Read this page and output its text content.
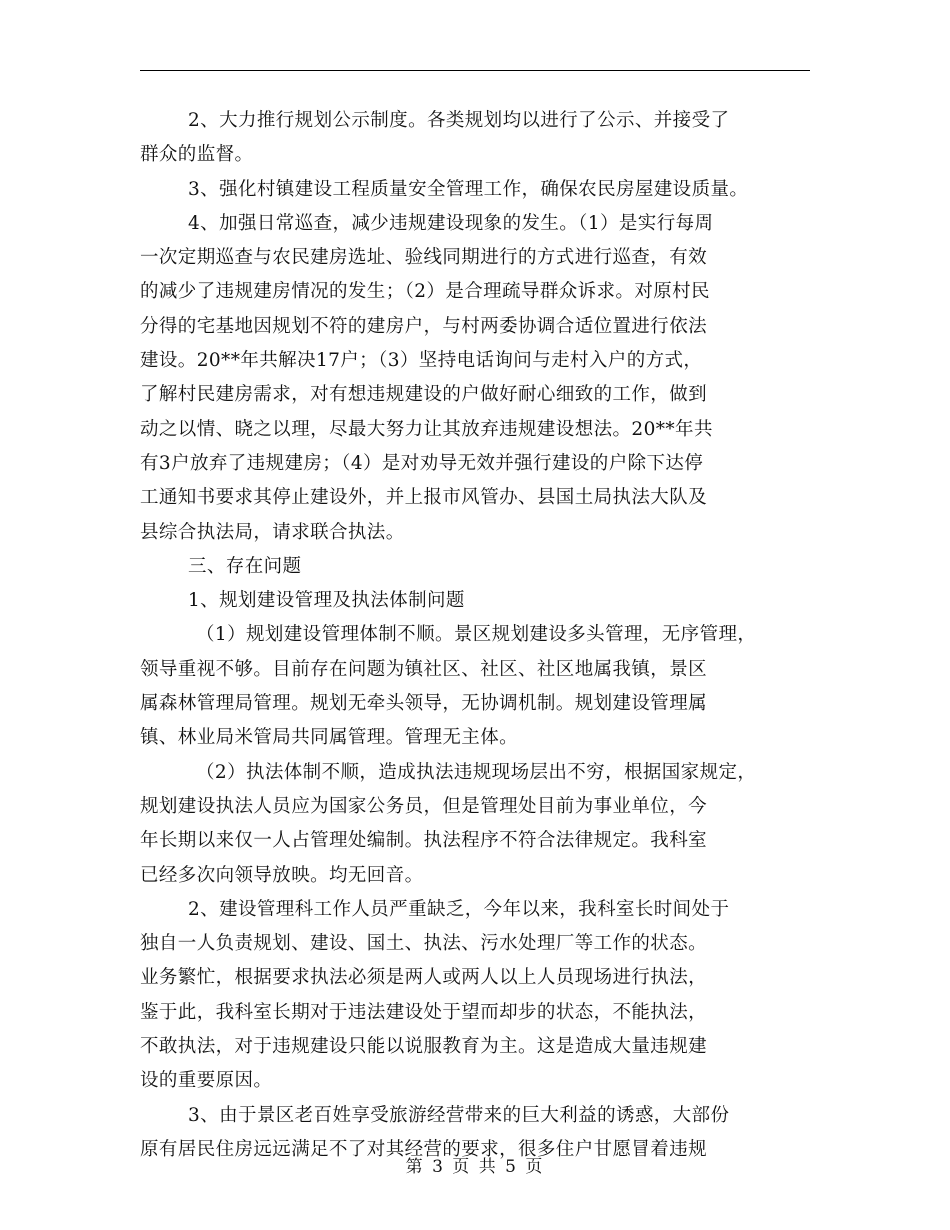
2、大力推行规划公示制度。各类规划均以进行了公示、并接受了
群众的监督。
3、强化村镇建设工程质量安全管理工作，确保农民房屋建设质量。
4、加强日常巡查，减少违规建设现象的发生。（1）是实行每周
一次定期巡查与农民建房选址、验线同期进行的方式进行巡查，有效
的减少了违规建房情况的发生；（2）是合理疏导群众诉求。对原村民
分得的宅基地因规划不符的建房户，与村两委协调合适位置进行依法
建设。20**年共解决17户；（3）坚持电话询问与走村入户的方式，
了解村民建房需求，对有想违规建设的户做好耐心细致的工作，做到
动之以情、晓之以理，尽最大努力让其放弃违规建设想法。20**年共
有3户放弃了违规建房；（4）是对劝导无效并强行建设的户除下达停
工通知书要求其停止建设外，并上报市风管办、县国土局执法大队及
县综合执法局，请求联合执法。
三、存在问题
1、规划建设管理及执法体制问题
（1）规划建设管理体制不顺。景区规划建设多头管理，无序管理，
领导重视不够。目前存在问题为镇社区、社区、社区地属我镇，景区
属森林管理局管理。规划无牵头领导，无协调机制。规划建设管理属
镇、林业局米管局共同属管理。管理无主体。
（2）执法体制不顺，造成执法违规现场层出不穷，根据国家规定，
规划建设执法人员应为国家公务员，但是管理处目前为事业单位，今
年长期以来仅一人占管理处编制。执法程序不符合法律规定。我科室
已经多次向领导放映。均无回音。
2、建设管理科工作人员严重缺乏，今年以来，我科室长时间处于
独自一人负责规划、建设、国土、执法、污水处理厂等工作的状态。
业务繁忙，根据要求执法必须是两人或两人以上人员现场进行执法，
鉴于此，我科室长期对于违法建设处于望而却步的状态，不能执法，
不敢执法，对于违规建设只能以说服教育为主。这是造成大量违规建
设的重要原因。
3、由于景区老百姓享受旅游经营带来的巨大利益的诱惑，大部份
原有居民住房远远满足不了对其经营的要求，很多住户甘愿冒着违规
第 3 页 共 5 页
